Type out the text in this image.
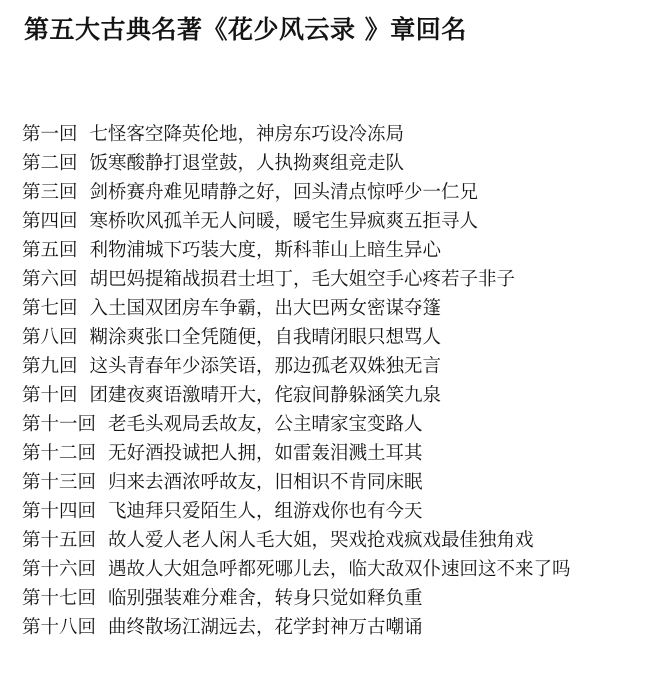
第五大古典名著《花少风云录 》章回名
第一回 七怪客空降英伦地，神房东巧设冷冻局
第二回 饭寒酸静打退堂鼓，人执拗爽组竞走队
第三回 剑桥赛舟难见晴静之好，回头清点惊呼少一仁兄
第四回 寒桥吹风孤羊无人问暖，暖宅生异疯爽五拒寻人
第五回 利物浦城下巧装大度，斯科菲山上暗生异心
第六回 胡巴妈提箱战损君士坦丁，毛大姐空手心疼若子非子
第七回 入土国双团房车争霸，出大巴两女密谋夺篷
第八回 糊涂爽张口全凭随便，自我晴闭眼只想骂人
第九回 这头青春年少添笑语，那边孤老双姝独无言
第十回 团建夜爽语激晴开大，侘寂间静躲涵笑九泉
第十一回 老毛头观局丢故友，公主晴家宝变路人
第十二回 无好酒投诚把人拥，如雷轰泪溅土耳其
第十三回 归来去酒浓呼故友，旧相识不肯同床眠
第十四回 飞迪拜只爱陌生人，组游戏你也有今天
第十五回 故人爱人老人闲人毛大姐，哭戏抢戏疯戏最佳独角戏
第十六回 遇故人大姐急呼都死哪儿去，临大敌双仆速回这不来了吗
第十七回 临别强装难分难舍，转身只觉如释负重
第十八回 曲终散场江湖远去，花学封神万古嘲诵
